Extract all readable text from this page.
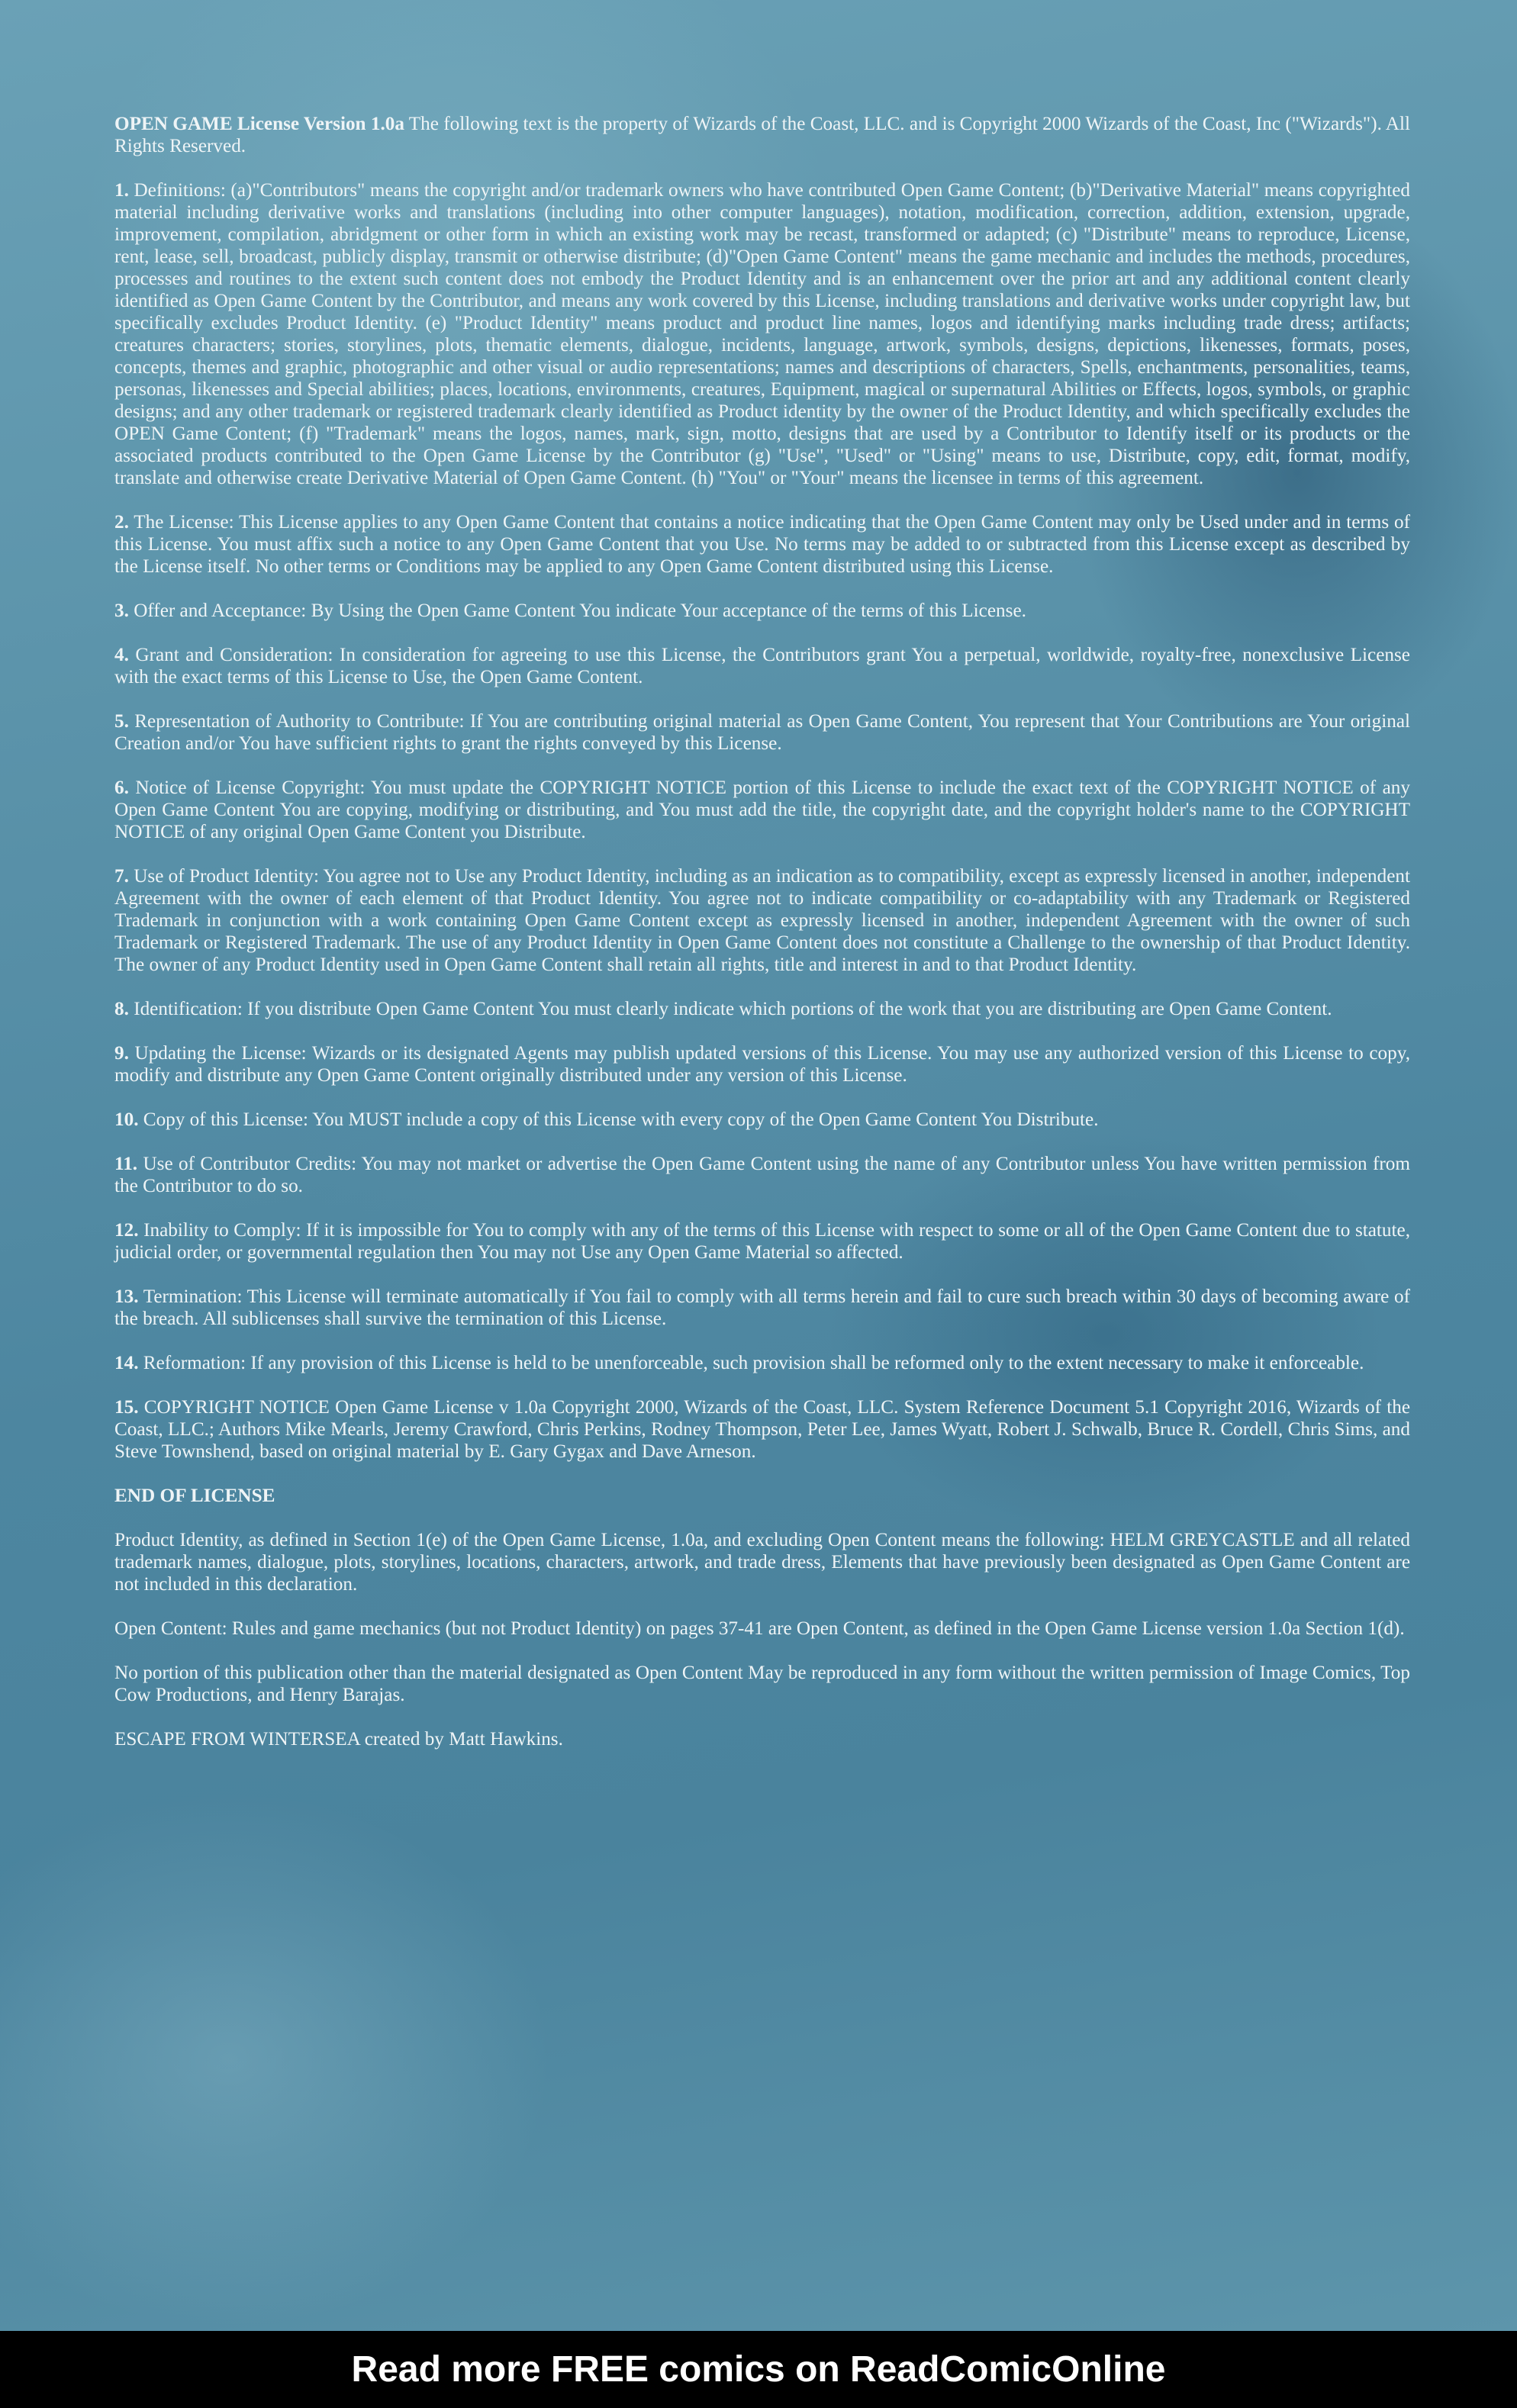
OPEN GAME License Version 1.0a The following text is the property of Wizards of the Coast, LLC. and is Copyright 2000 Wizards of the Coast, Inc ("Wizards"). All Rights Reserved.

1. Definitions: (a)"Contributors" means the copyright and/or trademark owners who have contributed Open Game Content; (b)"Derivative Material" means copyrighted material including derivative works and translations (including into other computer languages), notation, modification, correction, addition, extension, upgrade, improvement, compilation, abridgment or other form in which an existing work may be recast, transformed or adapted; (c) "Distribute" means to reproduce, License, rent, lease, sell, broadcast, publicly display, transmit or otherwise distribute; (d)"Open Game Content" means the game mechanic and includes the methods, procedures, processes and routines to the extent such content does not embody the Product Identity and is an enhancement over the prior art and any additional content clearly identified as Open Game Content by the Contributor, and means any work covered by this License, including translations and derivative works under copyright law, but specifically excludes Product Identity. (e) "Product Identity" means product and product line names, logos and identifying marks including trade dress; artifacts; creatures characters; stories, storylines, plots, thematic elements, dialogue, incidents, language, artwork, symbols, designs, depictions, likenesses, formats, poses, concepts, themes and graphic, photographic and other visual or audio representations; names and descriptions of characters, Spells, enchantments, personalities, teams, personas, likenesses and Special abilities; places, locations, environments, creatures, Equipment, magical or supernatural Abilities or Effects, logos, symbols, or graphic designs; and any other trademark or registered trademark clearly identified as Product identity by the owner of the Product Identity, and which specifically excludes the OPEN Game Content; (f) "Trademark" means the logos, names, mark, sign, motto, designs that are used by a Contributor to Identify itself or its products or the associated products contributed to the Open Game License by the Contributor (g) "Use", "Used" or "Using" means to use, Distribute, copy, edit, format, modify, translate and otherwise create Derivative Material of Open Game Content. (h) "You" or "Your" means the licensee in terms of this agreement.

2. The License: This License applies to any Open Game Content that contains a notice indicating that the Open Game Content may only be Used under and in terms of this License. You must affix such a notice to any Open Game Content that you Use. No terms may be added to or subtracted from this License except as described by the License itself. No other terms or Conditions may be applied to any Open Game Content distributed using this License.

3. Offer and Acceptance: By Using the Open Game Content You indicate Your acceptance of the terms of this License.

4. Grant and Consideration: In consideration for agreeing to use this License, the Contributors grant You a perpetual, worldwide, royalty-free, nonexclusive License with the exact terms of this License to Use, the Open Game Content.

5. Representation of Authority to Contribute: If You are contributing original material as Open Game Content, You represent that Your Contributions are Your original Creation and/or You have sufficient rights to grant the rights conveyed by this License.

6. Notice of License Copyright: You must update the COPYRIGHT NOTICE portion of this License to include the exact text of the COPYRIGHT NOTICE of any Open Game Content You are copying, modifying or distributing, and You must add the title, the copyright date, and the copyright holder's name to the COPYRIGHT NOTICE of any original Open Game Content you Distribute.

7. Use of Product Identity: You agree not to Use any Product Identity, including as an indication as to compatibility, except as expressly licensed in another, independent Agreement with the owner of each element of that Product Identity. You agree not to indicate compatibility or co-adaptability with any Trademark or Registered Trademark in conjunction with a work containing Open Game Content except as expressly licensed in another, independent Agreement with the owner of such Trademark or Registered Trademark. The use of any Product Identity in Open Game Content does not constitute a Challenge to the ownership of that Product Identity. The owner of any Product Identity used in Open Game Content shall retain all rights, title and interest in and to that Product Identity.

8. Identification: If you distribute Open Game Content You must clearly indicate which portions of the work that you are distributing are Open Game Content.

9. Updating the License: Wizards or its designated Agents may publish updated versions of this License. You may use any authorized version of this License to copy, modify and distribute any Open Game Content originally distributed under any version of this License.

10. Copy of this License: You MUST include a copy of this License with every copy of the Open Game Content You Distribute.

11. Use of Contributor Credits: You may not market or advertise the Open Game Content using the name of any Contributor unless You have written permission from the Contributor to do so.

12. Inability to Comply: If it is impossible for You to comply with any of the terms of this License with respect to some or all of the Open Game Content due to statute, judicial order, or governmental regulation then You may not Use any Open Game Material so affected.

13. Termination: This License will terminate automatically if You fail to comply with all terms herein and fail to cure such breach within 30 days of becoming aware of the breach. All sublicenses shall survive the termination of this License.

14. Reformation: If any provision of this License is held to be unenforceable, such provision shall be reformed only to the extent necessary to make it enforceable.

15. COPYRIGHT NOTICE Open Game License v 1.0a Copyright 2000, Wizards of the Coast, LLC. System Reference Document 5.1 Copyright 2016, Wizards of the Coast, LLC.; Authors Mike Mearls, Jeremy Crawford, Chris Perkins, Rodney Thompson, Peter Lee, James Wyatt, Robert J. Schwalb, Bruce R. Cordell, Chris Sims, and Steve Townshend, based on original material by E. Gary Gygax and Dave Arneson.

END OF LICENSE

Product Identity, as defined in Section 1(e) of the Open Game License, 1.0a, and excluding Open Content means the following: HELM GREYCASTLE and all related trademark names, dialogue, plots, storylines, locations, characters, artwork, and trade dress, Elements that have previously been designated as Open Game Content are not included in this declaration.

Open Content: Rules and game mechanics (but not Product Identity) on pages 37-41 are Open Content, as defined in the Open Game License version 1.0a Section 1(d).

No portion of this publication other than the material designated as Open Content May be reproduced in any form without the written permission of Image Comics, Top Cow Productions, and Henry Barajas.

ESCAPE FROM WINTERSEA created by Matt Hawkins.

Read more FREE comics on ReadComicOnline
